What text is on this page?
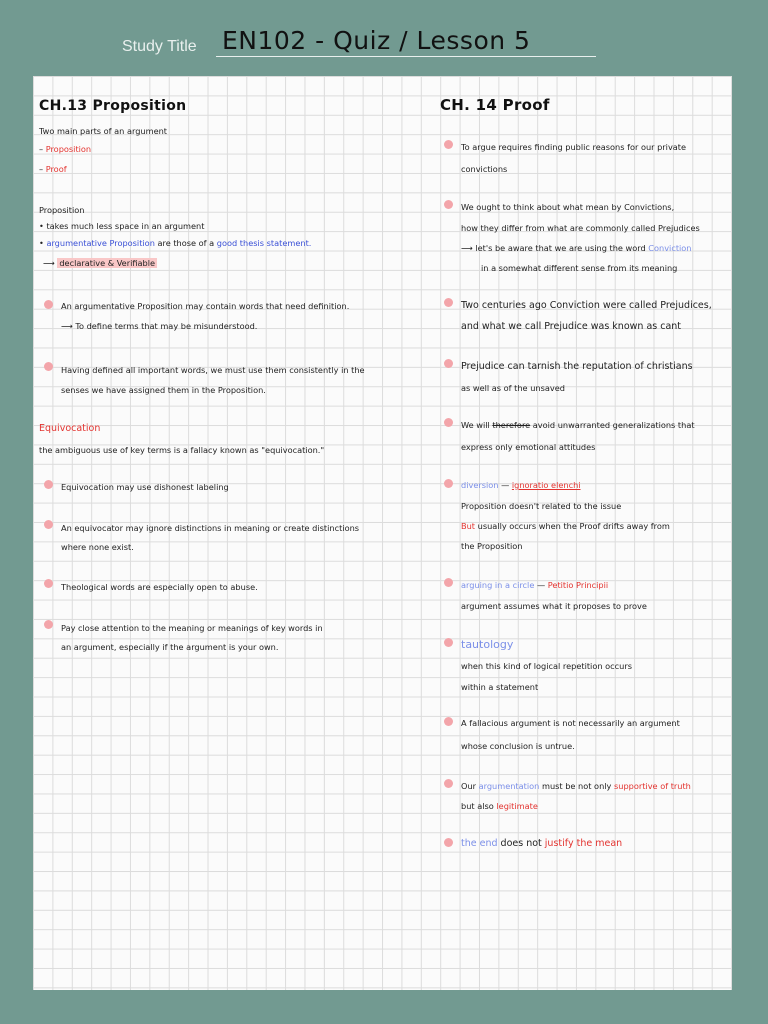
Study Title EN102 - Quiz / Lesson 5
CH.13 Proposition
Two main parts of an argument
– Proposition
– Proof
Proposition
• takes much less space in an argument
• argumentative Proposition are those of a good thesis statement.
⟶ declarative & Verifiable
An argumentative Proposition may contain words that need definition.
⟶ To define terms that may be misunderstood.
Having defined all important words, we must use them consistently in the
senses we have assigned them in the Proposition.
Equivocation
the ambiguous use of key terms is a fallacy known as "equivocation."
Equivocation may use dishonest labeling
An equivocator may ignore distinctions in meaning or create distinctions
where none exist.
Theological words are especially open to abuse.
Pay close attention to the meaning or meanings of key words in
an argument, especially if the argument is your own.
CH. 14 Proof
To argue requires finding public reasons for our private
convictions
We ought to think about what mean by Convictions,
how they differ from what are commonly called Prejudices
⟶ let's be aware that we are using the word Conviction
in a somewhat different sense from its meaning
Two centuries ago Conviction were called Prejudices,
and what we call Prejudice was known as cant
Prejudice can tarnish the reputation of christians
as well as of the unsaved
We will therefore avoid unwarranted generalizations that
express only emotional attitudes
diversion — ignoratio elenchi
Proposition doesn't related to the issue
But usually occurs when the Proof drifts away from
the Proposition
arguing in a circle — Petitio Principii
argument assumes what it proposes to prove
tautology
when this kind of logical repetition occurs
within a statement
A fallacious argument is not necessarily an argument
whose conclusion is untrue.
Our argumentation must be not only supportive of truth
but also legitimate
the end does not justify the mean
